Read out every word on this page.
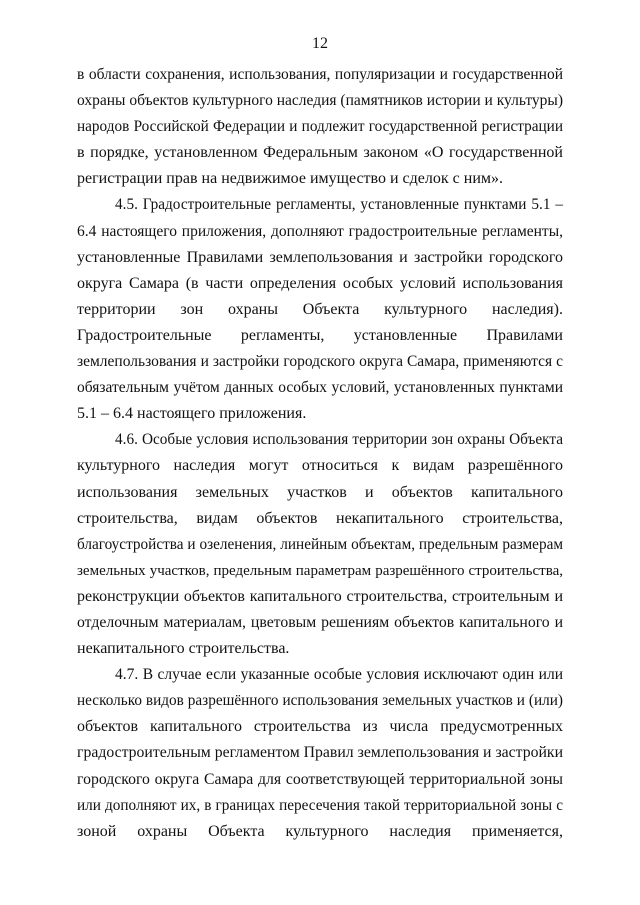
12

в области сохранения, использования, популяризации и государственной
охраны объектов культурного наследия (памятников истории и культуры)
народов Российской Федерации и подлежит государственной регистрации
в порядке, установленном Федеральным законом «О государственной
регистрации прав на недвижимое имущество и сделок с ним».

4.5. Градостроительные регламенты, установленные пунктами 5.1 –
6.4 настоящего приложения, дополняют градостроительные регламенты,
установленные Правилами землепользования и застройки городского
округа Самара (в части определения особых условий использования
территории зон охраны Объекта культурного наследия).
Градостроительные регламенты, установленные Правилами
землепользования и застройки городского округа Самара, применяются с
обязательным учётом данных особых условий, установленных пунктами
5.1 – 6.4 настоящего приложения.

4.6. Особые условия использования территории зон охраны Объекта
культурного наследия могут относиться к видам разрешённого
использования земельных участков и объектов капитального
строительства, видам объектов некапитального строительства,
благоустройства и озеленения, линейным объектам, предельным размерам
земельных участков, предельным параметрам разрешённого строительства,
реконструкции объектов капитального строительства, строительным и
отделочным материалам, цветовым решениям объектов капитального и
некапитального строительства.

4.7. В случае если указанные особые условия исключают один или
несколько видов разрешённого использования земельных участков и (или)
объектов капитального строительства из числа предусмотренных
градостроительным регламентом Правил землепользования и застройки
городского округа Самара для соответствующей территориальной зоны
или дополняют их, в границах пересечения такой территориальной зоны с
зоной охраны Объекта культурного наследия применяется,
